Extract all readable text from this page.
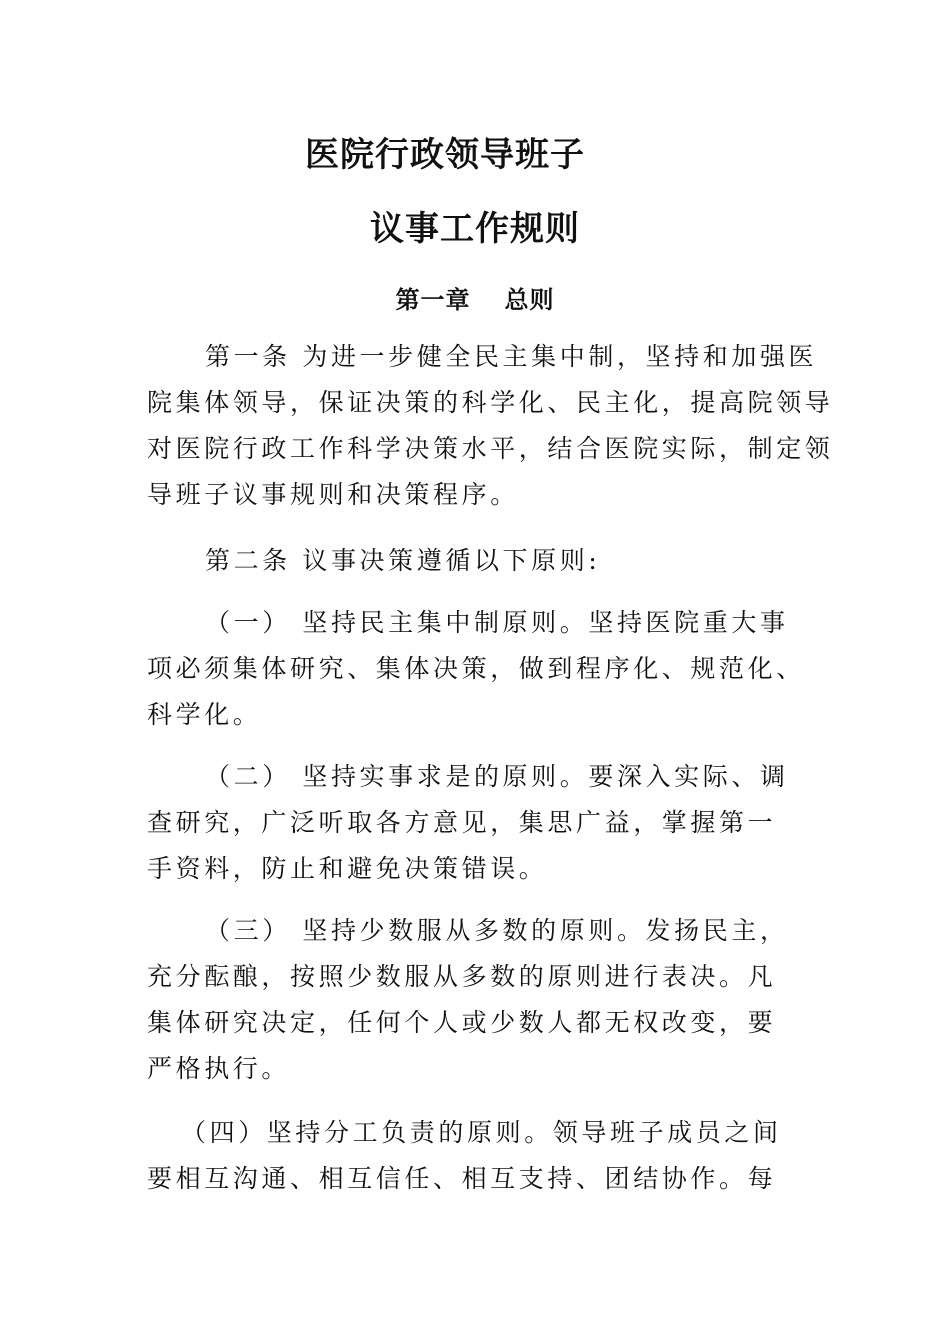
医院行政领导班子
议事工作规则
第一章 总则
第一条 为进一步健全民主集中制，坚持和加强医
院集体领导，保证决策的科学化、民主化，提高院领导
对医院行政工作科学决策水平，结合医院实际，制定领
导班子议事规则和决策程序。
第二条 议事决策遵循以下原则:
（一） 坚持民主集中制原则。坚持医院重大事
项必须集体研究、集体决策，做到程序化、规范化、
科学化。
（二） 坚持实事求是的原则。要深入实际、调
查研究，广泛听取各方意见，集思广益，掌握第一
手资料，防止和避免决策错误。
（三） 坚持少数服从多数的原则。发扬民主，
充分酝酿，按照少数服从多数的原则进行表决。凡
集体研究决定，任何个人或少数人都无权改变，要
严格执行。
（四）坚持分工负责的原则。领导班子成员之间
要相互沟通、相互信任、相互支持、团结协作。每
